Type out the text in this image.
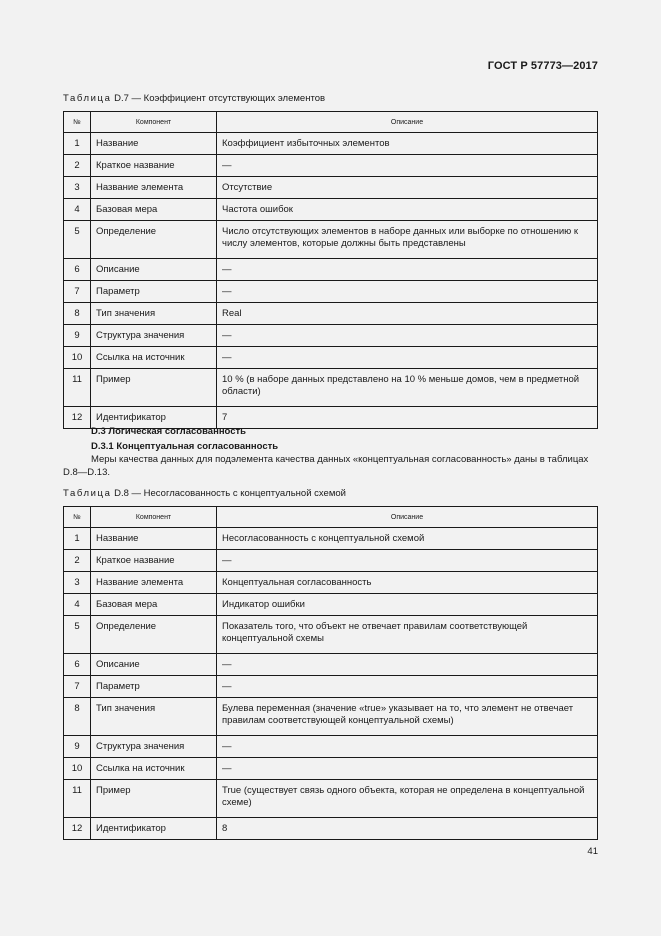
ГОСТ Р 57773—2017
Таблица D.7 — Коэффициент отсутствующих элементов
№	Компонент	Описание
1	Название	Коэффициент избыточных элементов
2	Краткое название	—
3	Название элемента	Отсутствие
4	Базовая мера	Частота ошибок
5	Определение	Число отсутствующих элементов в наборе данных или выборке по отношению к числу элементов, которые должны быть представлены
6	Описание	—
7	Параметр	—
8	Тип значения	Real
9	Структура значения	—
10	Ссылка на источник	—
11	Пример	10 % (в наборе данных представлено на 10 % меньше домов, чем в предметной области)
12	Идентификатор	7
D.3 Логическая согласованность
D.3.1 Концептуальная согласованность
Меры качества данных для подэлемента качества данных «концептуальная согласованность» даны в таблицах D.8—D.13.
Таблица D.8 — Несогласованность с концептуальной схемой
№	Компонент	Описание
1	Название	Несогласованность с концептуальной схемой
2	Краткое название	—
3	Название элемента	Концептуальная согласованность
4	Базовая мера	Индикатор ошибки
5	Определение	Показатель того, что объект не отвечает правилам соответствующей концептуальной схемы
6	Описание	—
7	Параметр	—
8	Тип значения	Булева переменная (значение «true» указывает на то, что элемент не отвечает правилам соответствующей концептуальной схемы)
9	Структура значения	—
10	Ссылка на источник	—
11	Пример	True (существует связь одного объекта, которая не определена в концептуальной схеме)
12	Идентификатор	8
41
